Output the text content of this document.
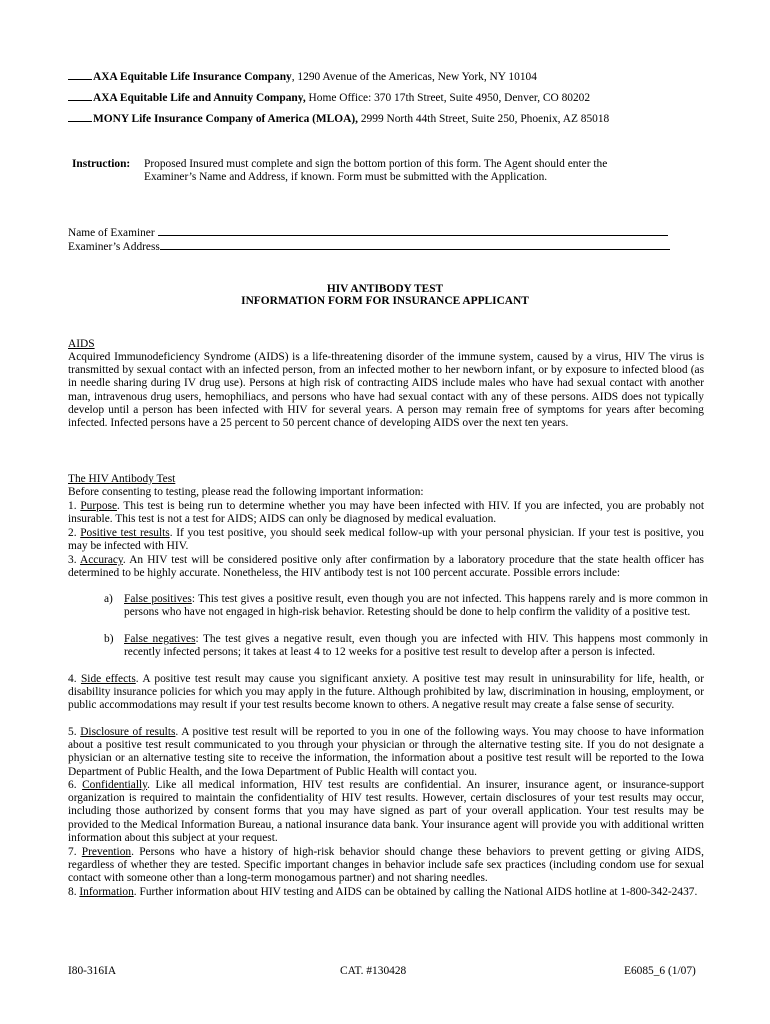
AXA Equitable Life Insurance Company, 1290 Avenue of the Americas, New York, NY 10104
AXA Equitable Life and Annuity Company, Home Office: 370 17th Street, Suite 4950, Denver, CO 80202
MONY Life Insurance Company of America (MLOA), 2999 North 44th Street, Suite 250, Phoenix, AZ 85018
Instruction: Proposed Insured must complete and sign the bottom portion of this form. The Agent should enter the
Examiner’s Name and Address, if known. Form must be submitted with the Application.
Name of Examiner
Examiner’s Address
HIV ANTIBODY TEST
INFORMATION FORM FOR INSURANCE APPLICANT
AIDS
Acquired Immunodeficiency Syndrome (AIDS) is a life-threatening disorder of the immune system, caused by a virus, HIV The virus is transmitted by sexual contact with an infected person, from an infected mother to her newborn infant, or by exposure to infected blood (as in needle sharing during IV drug use). Persons at high risk of contracting AIDS include males who have had sexual contact with another man, intravenous drug users, hemophiliacs, and persons who have had sexual contact with any of these persons. AIDS does not typically develop until a person has been infected with HIV for several years. A person may remain free of symptoms for years after becoming infected. Infected persons have a 25 percent to 50 percent chance of developing AIDS over the next ten years.
The HIV Antibody Test
Before consenting to testing, please read the following important information:
1. Purpose. This test is being run to determine whether you may have been infected with HIV. If you are infected, you are probably not insurable. This test is not a test for AIDS; AIDS can only be diagnosed by medical evaluation.
2. Positive test results. If you test positive, you should seek medical follow-up with your personal physician. If your test is positive, you may be infected with HIV.
3. Accuracy. An HIV test will be considered positive only after confirmation by a laboratory procedure that the state health officer has determined to be highly accurate. Nonetheless, the HIV antibody test is not 100 percent accurate. Possible errors include:
a) False positives: This test gives a positive result, even though you are not infected. This happens rarely and is more common in persons who have not engaged in high-risk behavior. Retesting should be done to help confirm the validity of a positive test.
b) False negatives: The test gives a negative result, even though you are infected with HIV. This happens most commonly in recently infected persons; it takes at least 4 to 12 weeks for a positive test result to develop after a person is infected.
4. Side effects. A positive test result may cause you significant anxiety. A positive test may result in uninsurability for life, health, or disability insurance policies for which you may apply in the future. Although prohibited by law, discrimination in housing, employment, or public accommodations may result if your test results become known to others. A negative result may create a false sense of security.
5. Disclosure of results. A positive test result will be reported to you in one of the following ways. You may choose to have information about a positive test result communicated to you through your physician or through the alternative testing site. If you do not designate a physician or an alternative testing site to receive the information, the information about a positive test result will be reported to the Iowa Department of Public Health, and the Iowa Department of Public Health will contact you.
6. Confidentially. Like all medical information, HIV test results are confidential. An insurer, insurance agent, or insurance-support organization is required to maintain the confidentiality of HIV test results. However, certain disclosures of your test results may occur, including those authorized by consent forms that you may have signed as part of your overall application. Your test results may be provided to the Medical Information Bureau, a national insurance data bank. Your insurance agent will provide you with additional written information about this subject at your request.
7. Prevention. Persons who have a history of high-risk behavior should change these behaviors to prevent getting or giving AIDS, regardless of whether they are tested. Specific important changes in behavior include safe sex practices (including condom use for sexual contact with someone other than a long-term monogamous partner) and not sharing needles.
8. Information. Further information about HIV testing and AIDS can be obtained by calling the National AIDS hotline at 1-800-342-2437.
I80-316IA	CAT. #130428	E6085_6 (1/07)
